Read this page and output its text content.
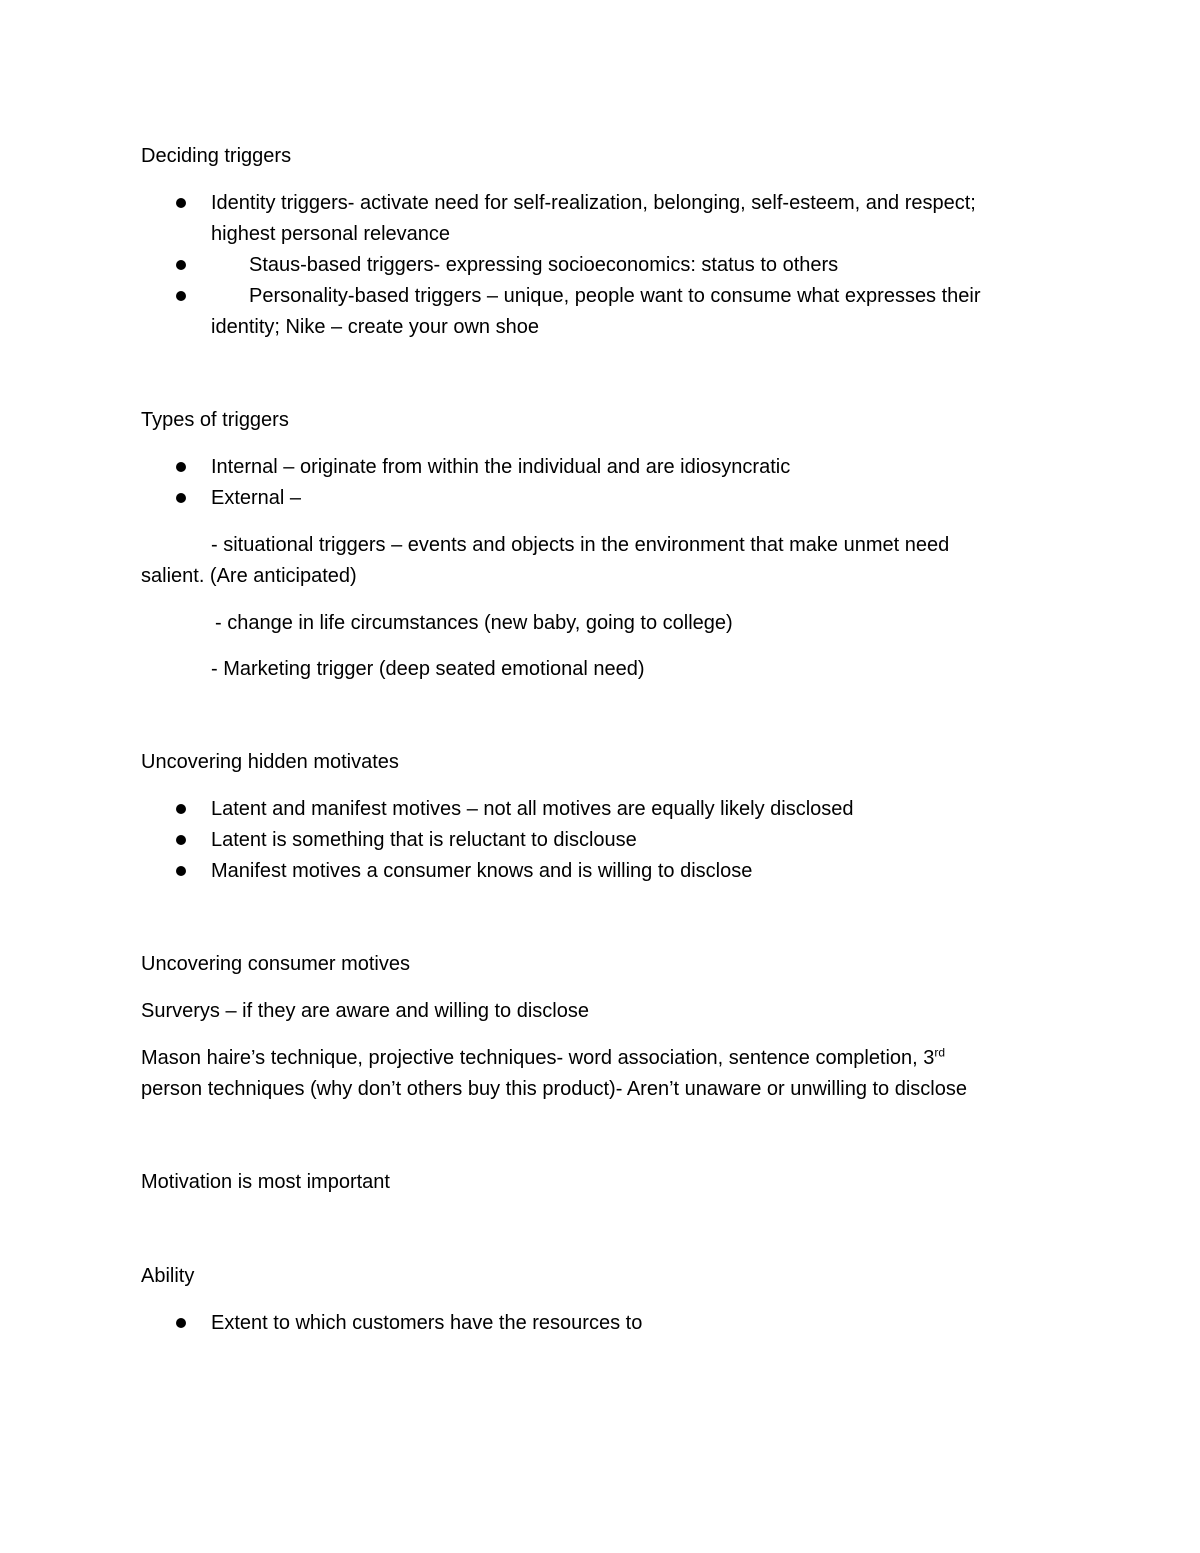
Deciding triggers
Identity triggers- activate need for self-realization, belonging, self-esteem, and respect;
highest personal relevance
Staus-based triggers- expressing socioeconomics: status to others
Personality-based triggers – unique, people want to consume what expresses their
identity; Nike – create your own shoe
Types of triggers
Internal – originate from within the individual and are idiosyncratic
External –
- situational triggers – events and objects in the environment that make unmet need
salient. (Are anticipated)
- change in life circumstances (new baby, going to college)
- Marketing trigger (deep seated emotional need)
Uncovering hidden motivates
Latent and manifest motives – not all motives are equally likely disclosed
Latent is something that is reluctant to disclouse
Manifest motives a consumer knows and is willing to disclose
Uncovering consumer motives
Surverys – if they are aware and willing to disclose
Mason haire’s technique, projective techniques- word association, sentence completion, 3rd
person techniques (why don’t others buy this product)- Aren’t unaware or unwilling to disclose
Motivation is most important
Ability
Extent to which customers have the resources to
